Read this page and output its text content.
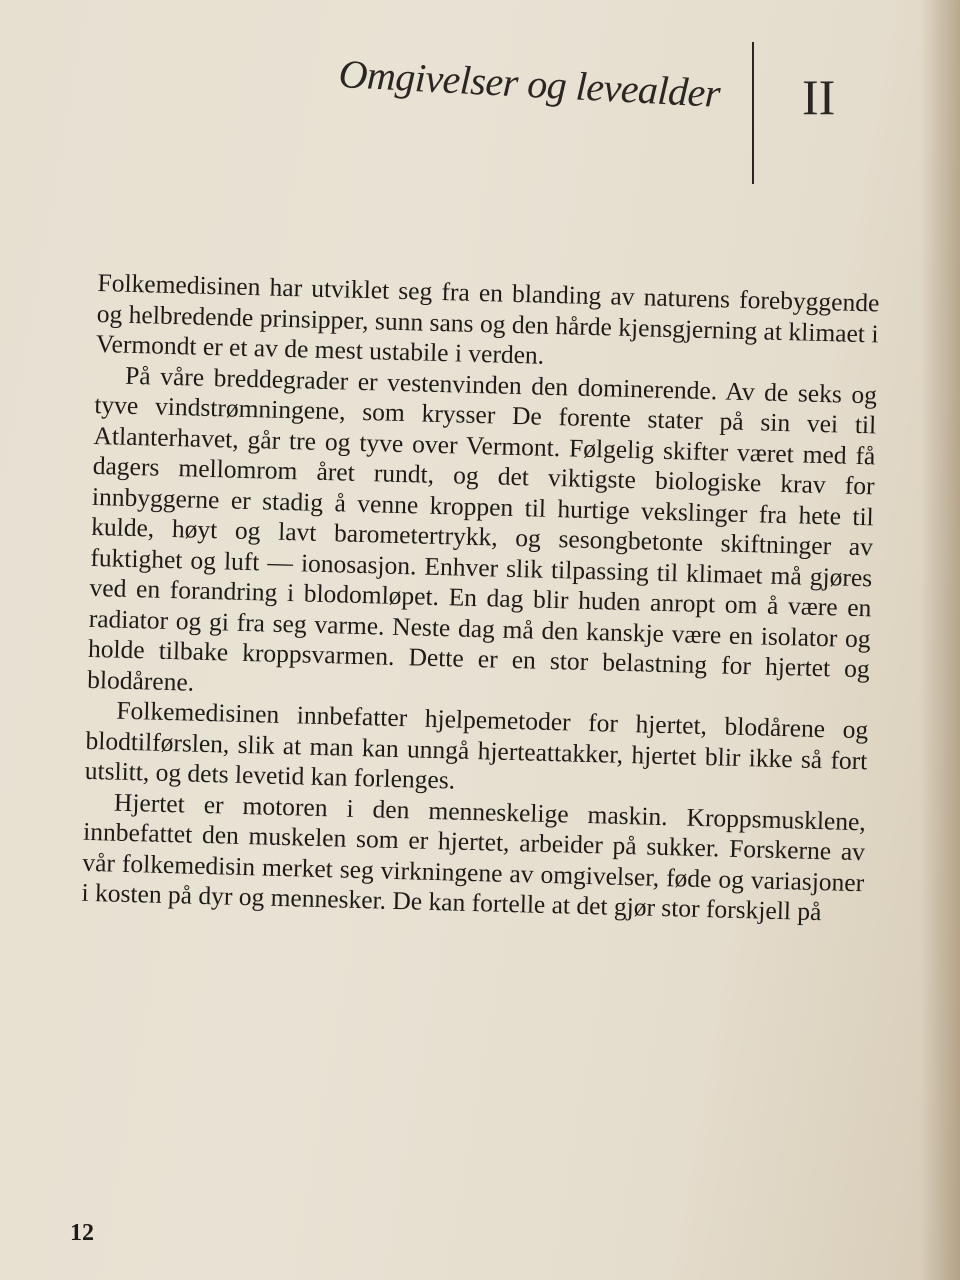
Omgivelser og levealder II

Folkemedisinen har utviklet seg fra en blanding av naturens forebyggende og helbredende prinsipper, sunn sans og den hårde kjensgjerning at klimaet i Vermondt er et av de mest ustabile i verden.

På våre breddegrader er vestenvinden den dominerende. Av de seks og tyve vindstrømningene, som krysser De forente stater på sin vei til Atlanterhavet, går tre og tyve over Vermont. Følgelig skifter været med få dagers mellomrom året rundt, og det viktigste biologiske krav for innbyggerne er stadig å venne kroppen til hurtige vekslinger fra hete til kulde, høyt og lavt barometertrykk, og sesongbetonte skiftninger av fuktighet og luft — ionosasjon. Enhver slik tilpassing til klimaet må gjøres ved en forandring i blodomløpet. En dag blir huden anropt om å være en radiator og gi fra seg varme. Neste dag må den kanskje være en isolator og holde tilbake kroppsvarmen. Dette er en stor belastning for hjertet og blodårene.

Folkemedisinen innbefatter hjelpemetoder for hjertet, blodårene og blodtilførslen, slik at man kan unngå hjerteattakker, hjertet blir ikke så fort utslitt, og dets levetid kan forlenges.

Hjertet er motoren i den menneskelige maskin. Kroppsmusklene, innbefattet den muskelen som er hjertet, arbeider på sukker. Forskerne av vår folkemedisin merket seg virkningene av omgivelser, føde og variasjoner i kosten på dyr og mennesker. De kan fortelle at det gjør stor forskjell på

12
